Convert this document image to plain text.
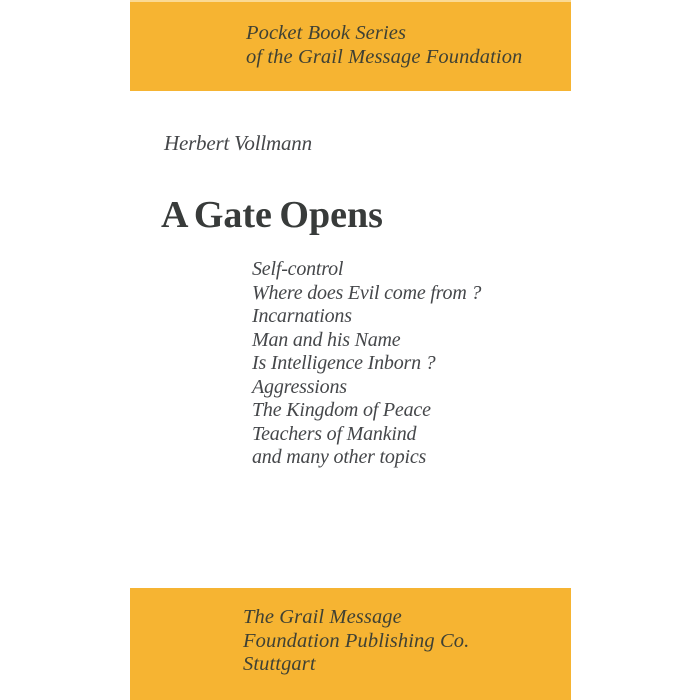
Pocket Book Series
of the Grail Message Foundation
Herbert Vollmann
A Gate Opens
Self-control
Where does Evil come from ?
Incarnations
Man and his Name
Is Intelligence Inborn ?
Aggressions
The Kingdom of Peace
Teachers of Mankind
and many other topics
The Grail Message
Foundation Publishing Co.
Stuttgart
